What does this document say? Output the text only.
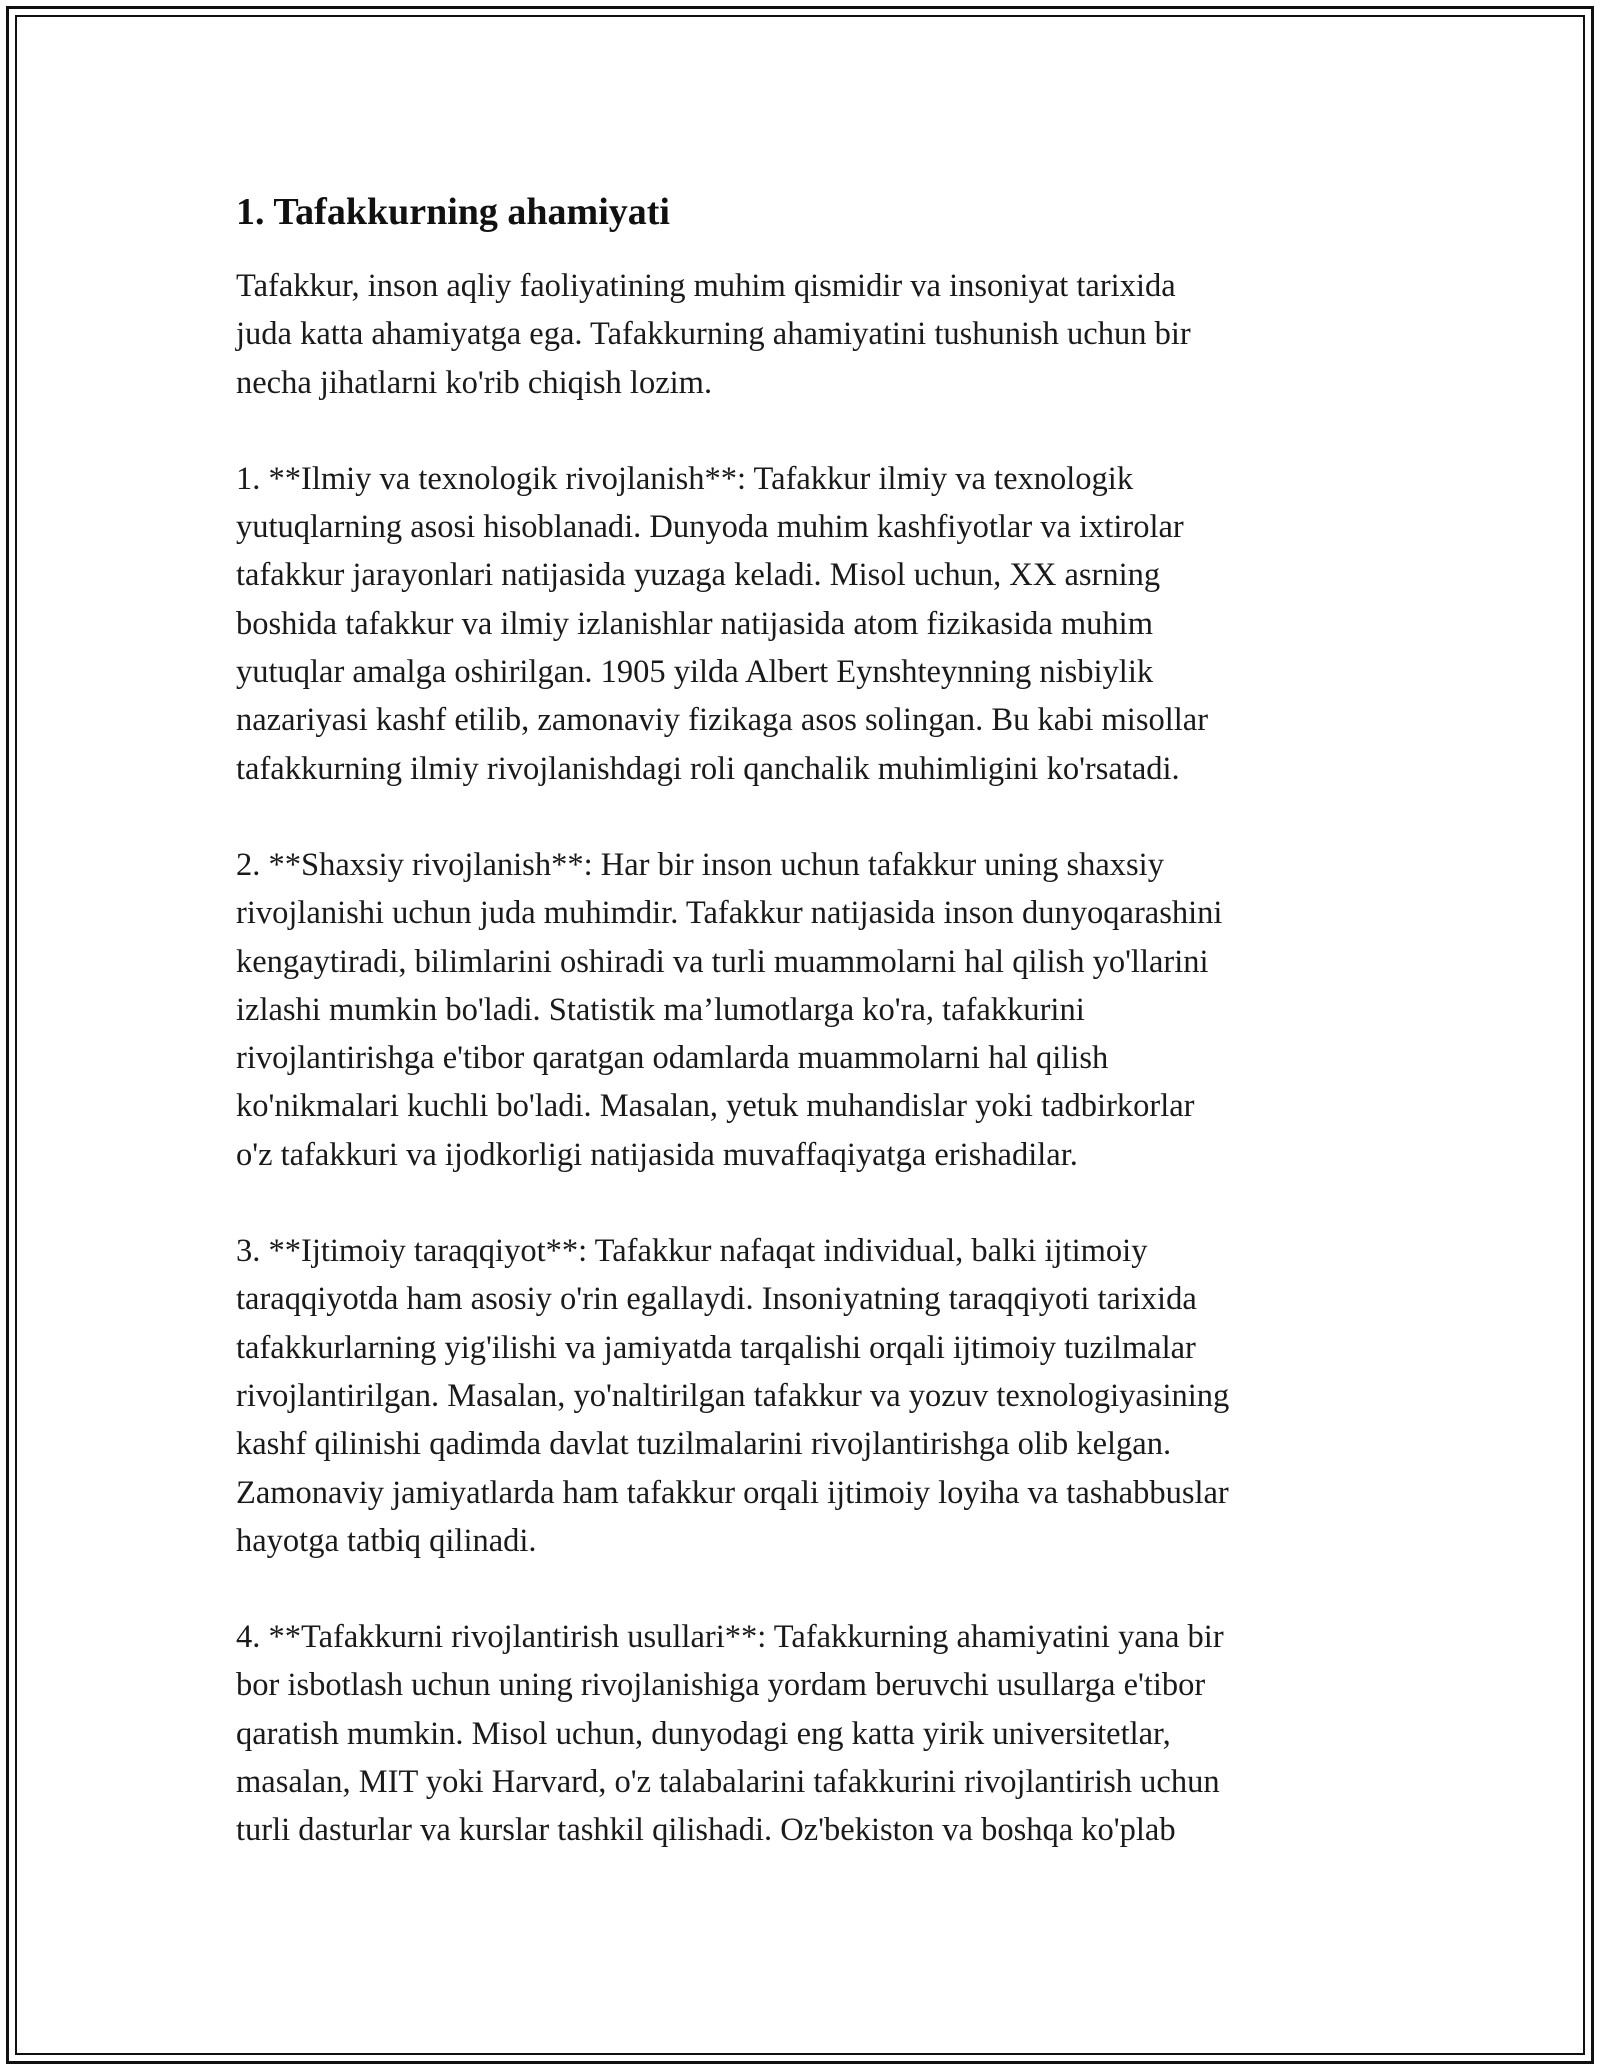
1. Tafakkurning ahamiyati

Tafakkur, inson aqliy faoliyatining muhim qismidir va insoniyat tarixida
juda katta ahamiyatga ega. Tafakkurning ahamiyatini tushunish uchun bir
necha jihatlarni ko'rib chiqish lozim.

1. **Ilmiy va texnologik rivojlanish**: Tafakkur ilmiy va texnologik
yutuqlarning asosi hisoblanadi. Dunyoda muhim kashfiyotlar va ixtirolar
tafakkur jarayonlari natijasida yuzaga keladi. Misol uchun, XX asrning
boshida tafakkur va ilmiy izlanishlar natijasida atom fizikasida muhim
yutuqlar amalga oshirilgan. 1905 yilda Albert Eynshteynning nisbiylik
nazariyasi kashf etilib, zamonaviy fizikaga asos solingan. Bu kabi misollar
tafakkurning ilmiy rivojlanishdagi roli qanchalik muhimligini ko'rsatadi.

2. **Shaxsiy rivojlanish**: Har bir inson uchun tafakkur uning shaxsiy
rivojlanishi uchun juda muhimdir. Tafakkur natijasida inson dunyoqarashini
kengaytiradi, bilimlarini oshiradi va turli muammolarni hal qilish yo'llarini
izlashi mumkin bo'ladi. Statistik ma’lumotlarga ko'ra, tafakkurini
rivojlantirishga e'tibor qaratgan odamlarda muammolarni hal qilish
ko'nikmalari kuchli bo'ladi. Masalan, yetuk muhandislar yoki tadbirkorlar
o'z tafakkuri va ijodkorligi natijasida muvaffaqiyatga erishadilar.

3. **Ijtimoiy taraqqiyot**: Tafakkur nafaqat individual, balki ijtimoiy
taraqqiyotda ham asosiy o'rin egallaydi. Insoniyatning taraqqiyoti tarixida
tafakkurlarning yig'ilishi va jamiyatda tarqalishi orqali ijtimoiy tuzilmalar
rivojlantirilgan. Masalan, yo'naltirilgan tafakkur va yozuv texnologiyasining
kashf qilinishi qadimda davlat tuzilmalarini rivojlantirishga olib kelgan.
Zamonaviy jamiyatlarda ham tafakkur orqali ijtimoiy loyiha va tashabbuslar
hayotga tatbiq qilinadi.

4. **Tafakkurni rivojlantirish usullari**: Tafakkurning ahamiyatini yana bir
bor isbotlash uchun uning rivojlanishiga yordam beruvchi usullarga e'tibor
qaratish mumkin. Misol uchun, dunyodagi eng katta yirik universitetlar,
masalan, MIT yoki Harvard, o'z talabalarini tafakkurini rivojlantirish uchun
turli dasturlar va kurslar tashkil qilishadi. Oz'bekiston va boshqa ko'plab
